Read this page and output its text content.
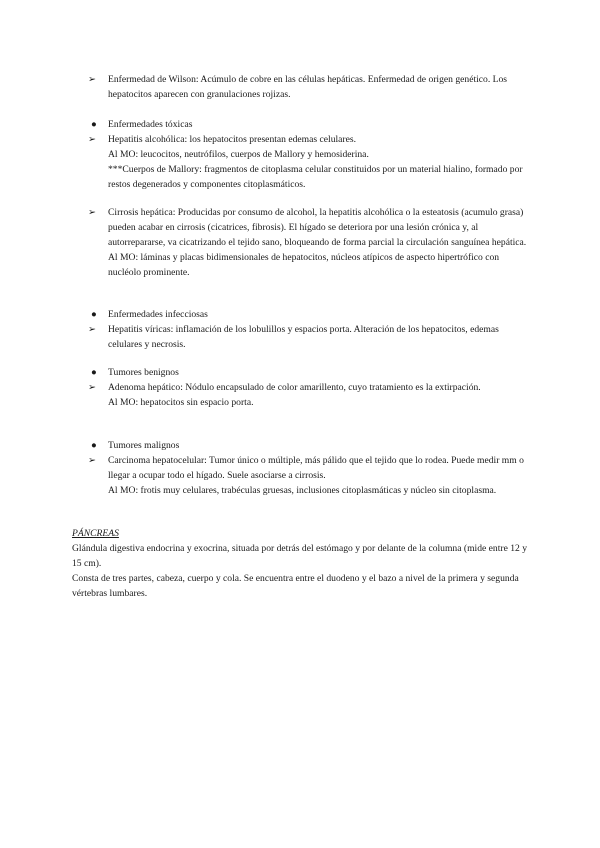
➢	Enfermedad de Wilson: Acúmulo de cobre en las células hepáticas. Enfermedad de origen genético. Los hepatocitos aparecen con granulaciones rojizas.

●	Enfermedades tóxicas

➢	Hepatitis alcohólica: los hepatocitos presentan edemas celulares.

Al MO: leucocitos, neutrófilos, cuerpos de Mallory y hemosiderina.

***Cuerpos de Mallory: fragmentos de citoplasma celular constituidos por un material hialino, formado por restos degenerados y componentes citoplasmáticos.

➢	Cirrosis hepática: Producidas por consumo de alcohol, la hepatitis alcohólica o la esteatosis (acumulo grasa) pueden acabar en cirrosis (cicatrices, fibrosis). El hígado se deteriora por una lesión crónica y, al autorrepararse, va cicatrizando el tejido sano, bloqueando de forma parcial la circulación sanguínea hepática.

Al MO: láminas y placas bidimensionales de hepatocitos, núcleos atípicos de aspecto hipertrófico con nucléolo prominente.

●	Enfermedades infecciosas

➢	Hepatitis víricas: inflamación de los lobulillos y espacios porta. Alteración de los hepatocitos, edemas celulares y necrosis.

●	Tumores benignos

➢	Adenoma hepático: Nódulo encapsulado de color amarillento, cuyo tratamiento es la extirpación.

Al MO: hepatocitos sin espacio porta.

●	Tumores malignos

➢	Carcinoma hepatocelular: Tumor único o múltiple, más pálido que el tejido que lo rodea. Puede medir mm o llegar a ocupar todo el hígado. Suele asociarse a cirrosis.

Al MO: frotis muy celulares, trabéculas gruesas, inclusiones citoplasmáticas y núcleo sin citoplasma.

PÁNCREAS

Glándula digestiva endocrina y exocrina, situada por detrás del estómago y por delante de la columna (mide entre 12 y 15 cm).

Consta de tres partes, cabeza, cuerpo y cola. Se encuentra entre el duodeno y el bazo a nivel de la primera y segunda vértebras lumbares.
